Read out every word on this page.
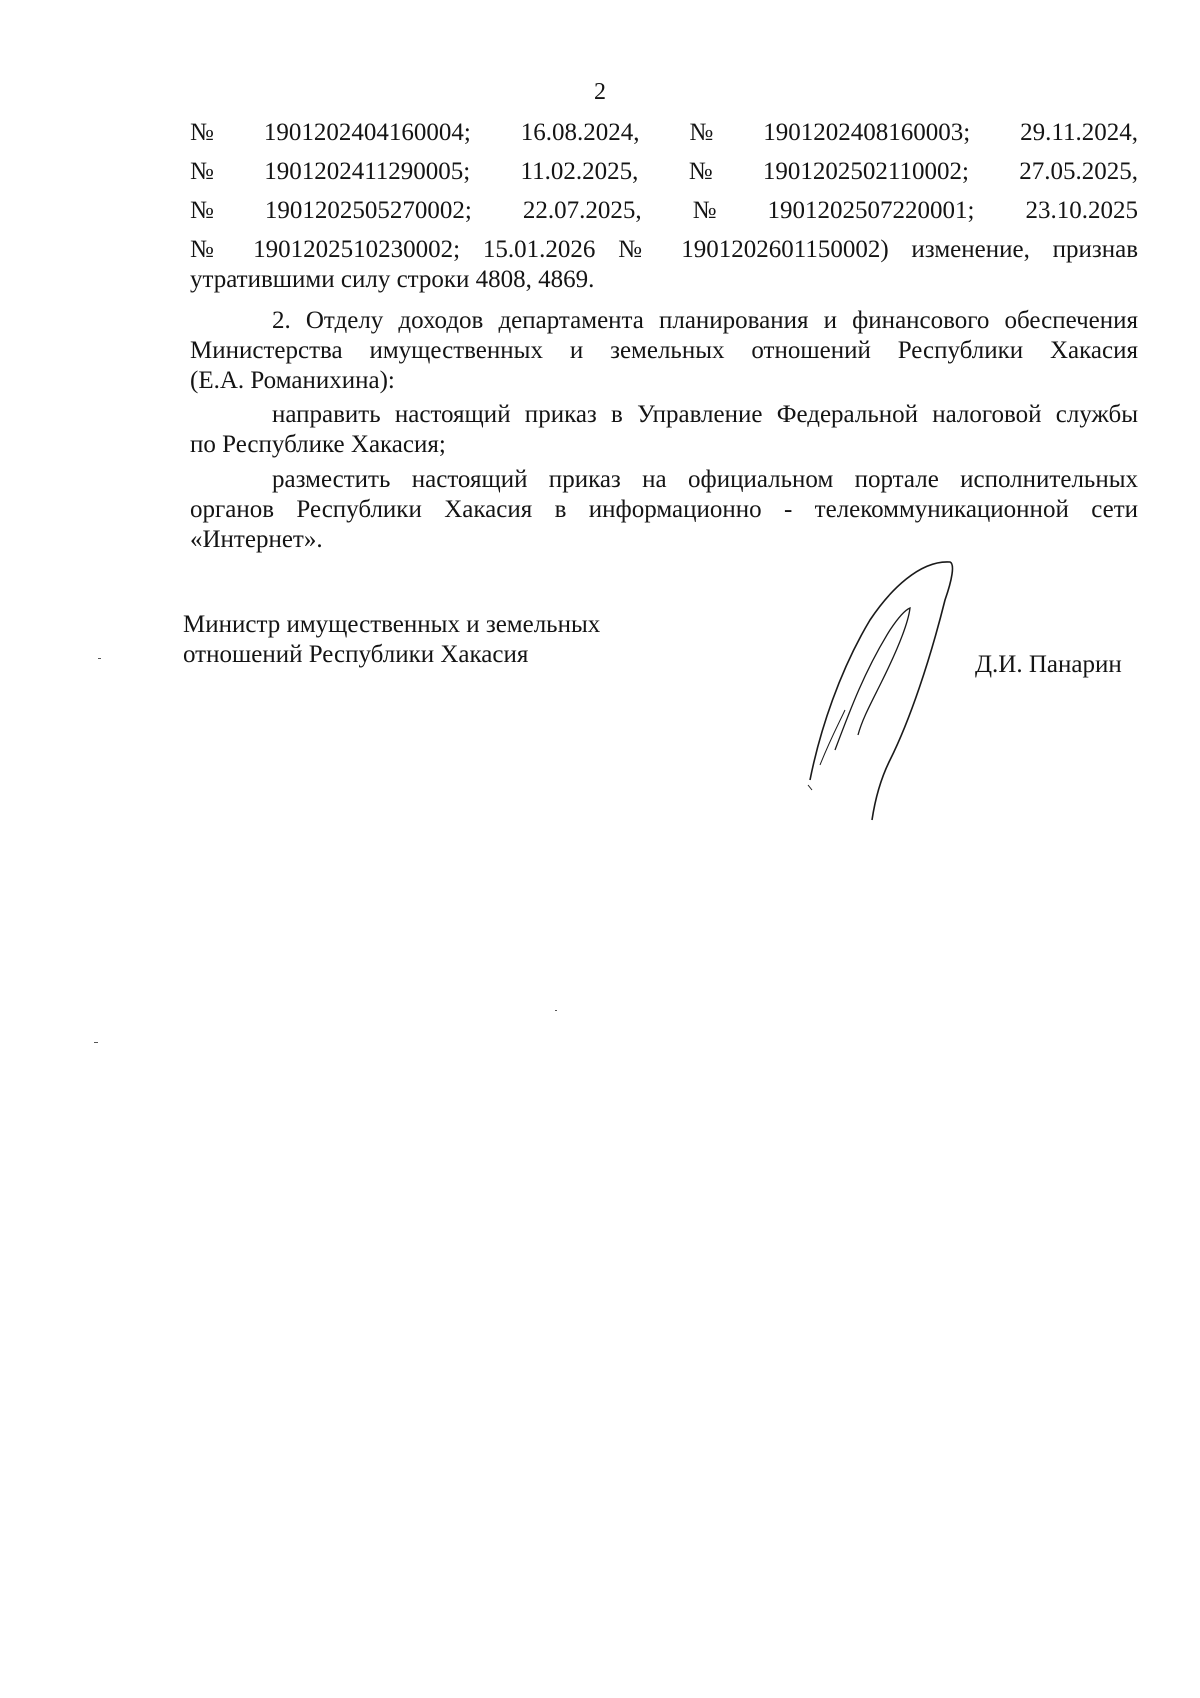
2
№ 1901202404160004; 16.08.2024, № 1901202408160003; 29.11.2024,
№ 1901202411290005; 11.02.2025, № 1901202502110002; 27.05.2025,
№ 1901202505270002; 22.07.2025, № 1901202507220001; 23.10.2025
№ 1901202510230002; 15.01.2026 № 1901202601150002) изменение, признав
утратившими силу строки 4808, 4869.
2. Отделу доходов департамента планирования и финансового обеспечения
Министерства имущественных и земельных отношений Республики Хакасия
(Е.А. Романихина):
направить настоящий приказ в Управление Федеральной налоговой службы
по Республике Хакасия;
разместить настоящий приказ на официальном портале исполнительных
органов Республики Хакасия в информационно - телекоммуникационной сети
«Интернет».
Министр имущественных и земельных
отношений Республики Хакасия	Д.И. Панарин
